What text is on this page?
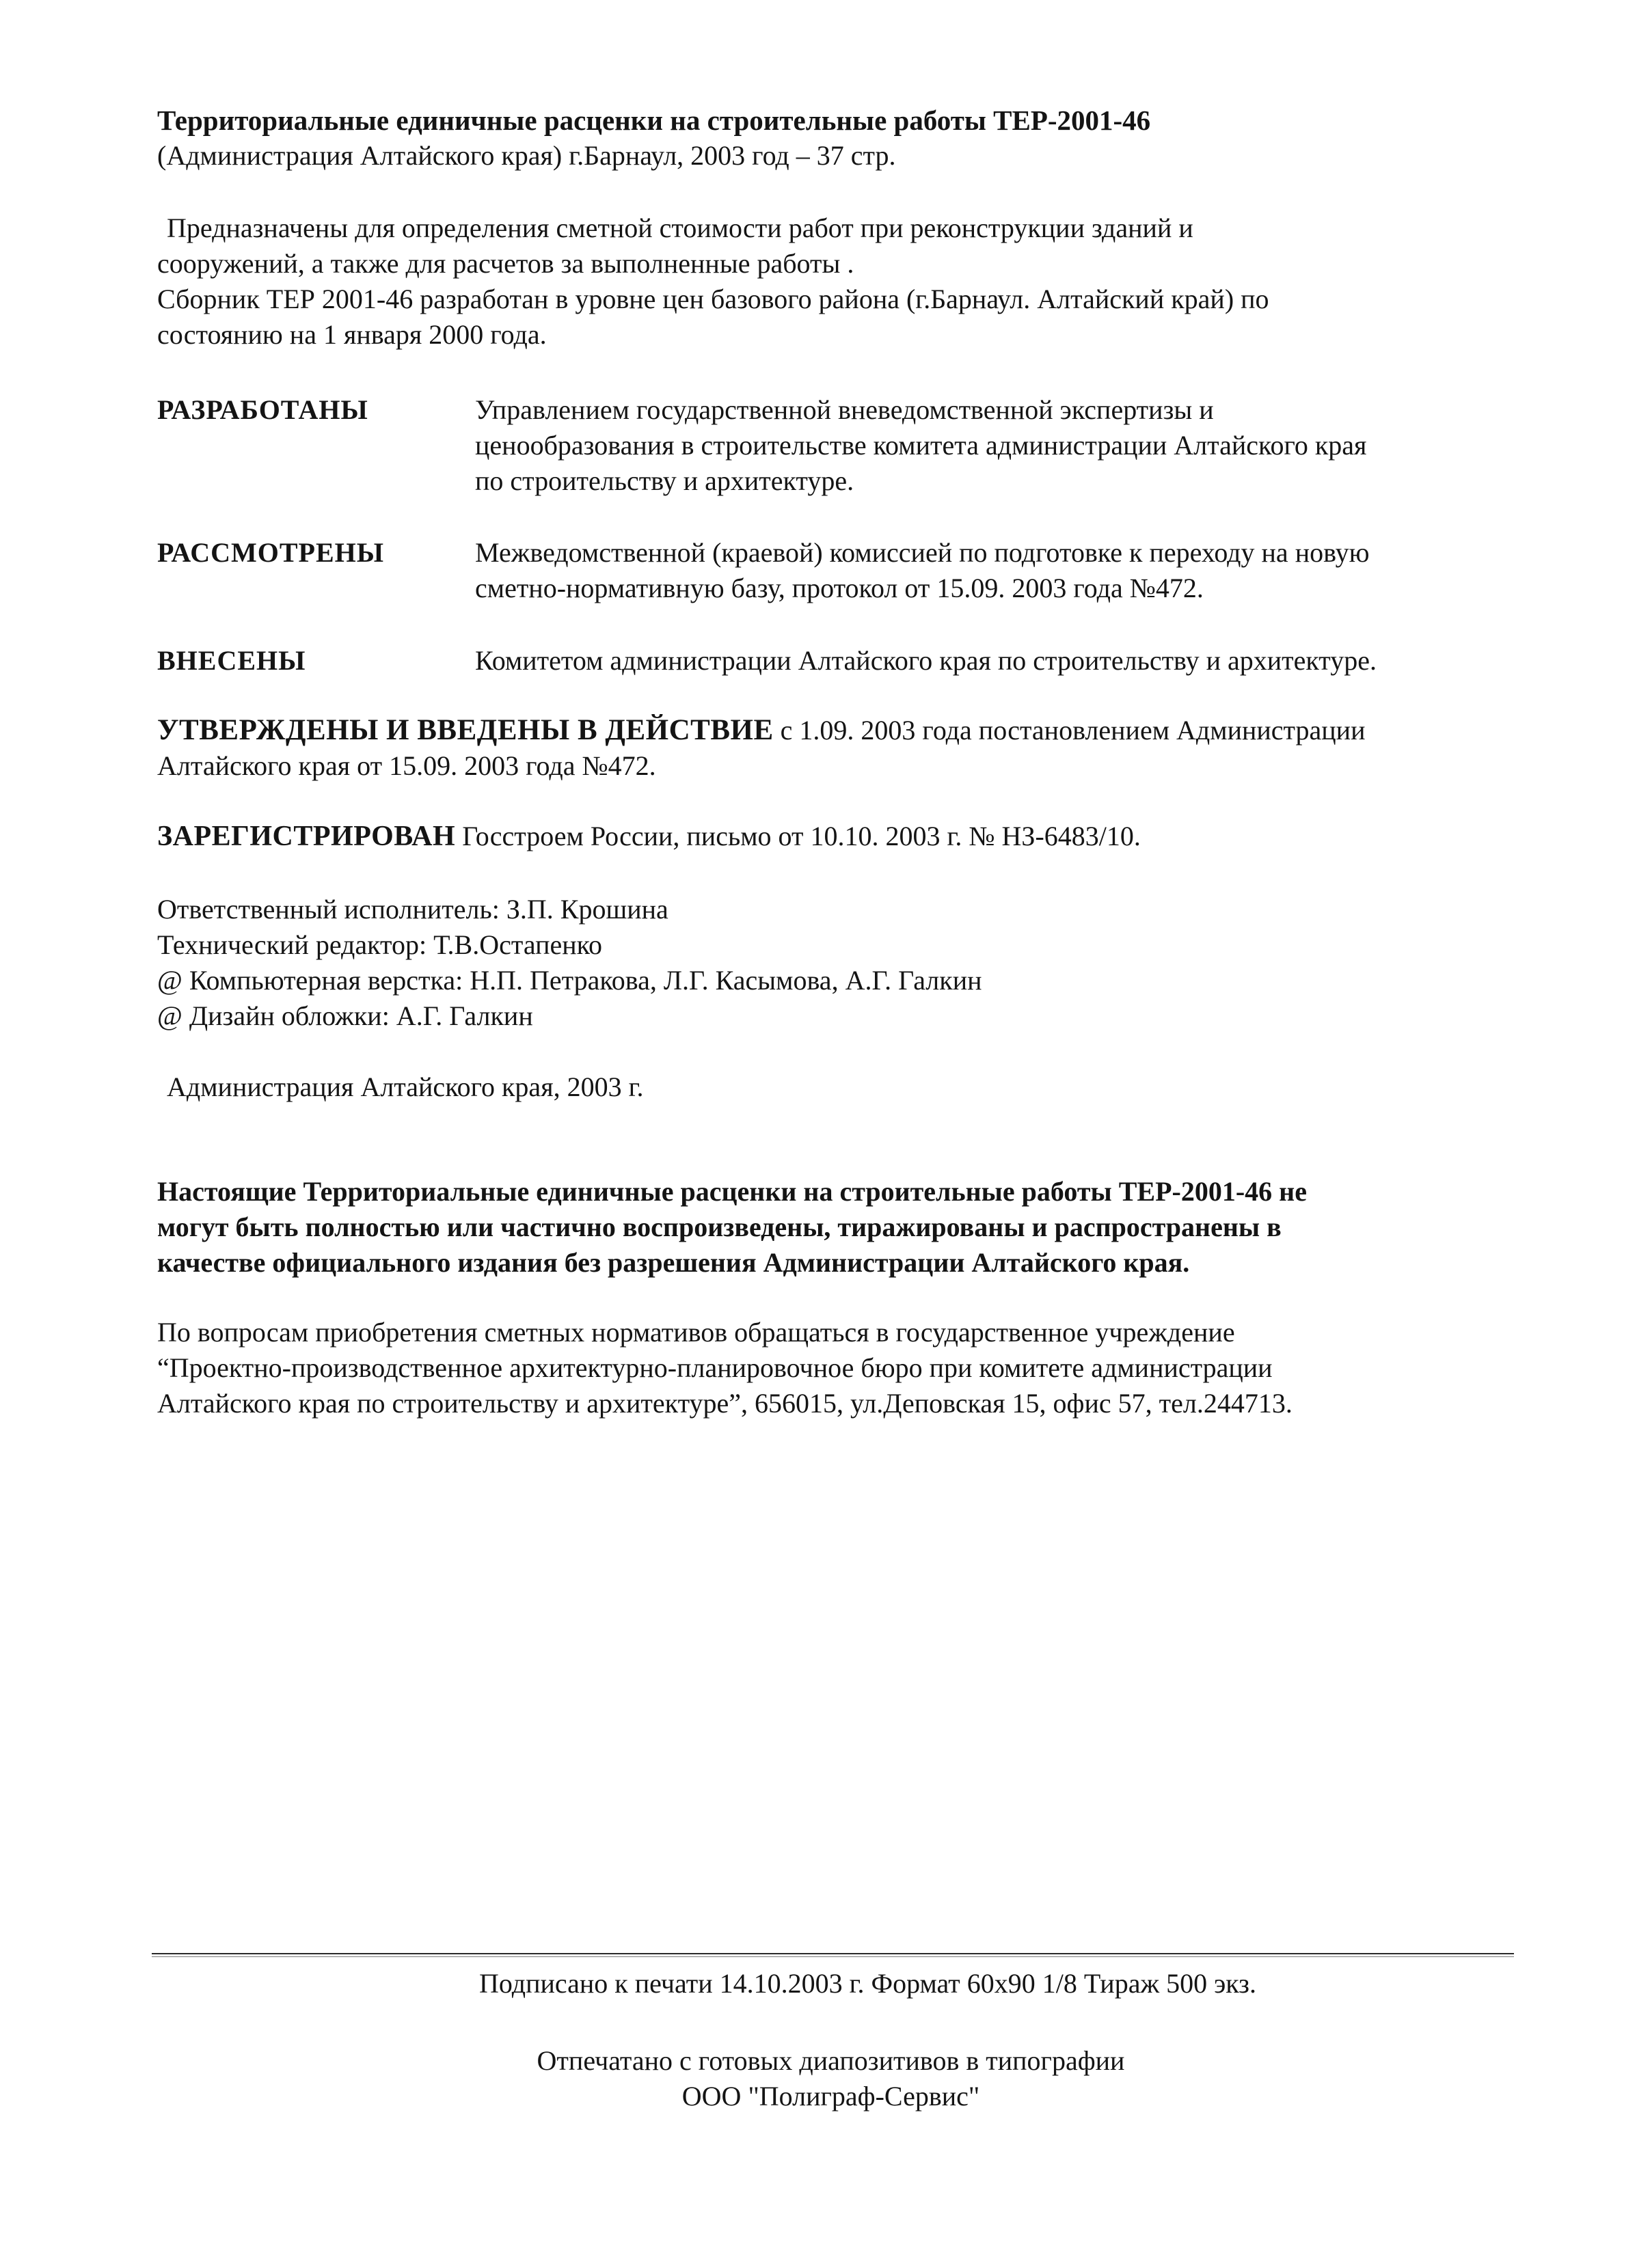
Территориальные единичные расценки на строительные работы ТЕР-2001-46
(Администрация Алтайского края) г.Барнаул, 2003 год – 37 стр.
Предназначены для определения сметной стоимости работ при реконструкции зданий и
сооружений, а также для расчетов за выполненные работы .
Сборник ТЕР 2001-46 разработан в уровне цен базового района (г.Барнаул. Алтайский край) по
состоянию на 1 января 2000 года.
РАЗРАБОТАНЫ	Управлением государственной вневедомственной экспертизы и
ценообразования в строительстве комитета администрации Алтайского края
по строительству и архитектуре.
РАССМОТРЕНЫ	Межведомственной (краевой) комиссией по подготовке к переходу на новую
сметно-нормативную базу, протокол от 15.09. 2003 года №472.
ВНЕСЕНЫ	Комитетом администрации Алтайского края по строительству и архитектуре.
УТВЕРЖДЕНЫ И ВВЕДЕНЫ В ДЕЙСТВИЕ с 1.09. 2003 года постановлением Администрации
Алтайского края от 15.09. 2003 года №472.
ЗАРЕГИСТРИРОВАН Госстроем России, письмо от 10.10. 2003 г. № НЗ-6483/10.
Ответственный исполнитель: З.П. Крошина
Технический редактор: Т.В.Остапенко
@ Компьютерная верстка: Н.П. Петракова, Л.Г. Касымова, А.Г. Галкин
@ Дизайн обложки: А.Г. Галкин
Администрация Алтайского края, 2003 г.
Настоящие Территориальные единичные расценки на строительные работы ТЕР-2001-46 не
могут быть полностью или частично воспроизведены, тиражированы и распространены в
качестве официального издания без разрешения Администрации Алтайского края.
По вопросам приобретения сметных нормативов обращаться в государственное учреждение
“Проектно-производственное архитектурно-планировочное бюро при комитете администрации
Алтайского края по строительству и архитектуре”, 656015, ул.Деповская 15, офис 57, тел.244713.
Подписано к печати 14.10.2003 г. Формат 60х90 1/8 Тираж 500 экз.
Отпечатано с готовых диапозитивов в типографии
ООО "Полиграф-Сервис"
